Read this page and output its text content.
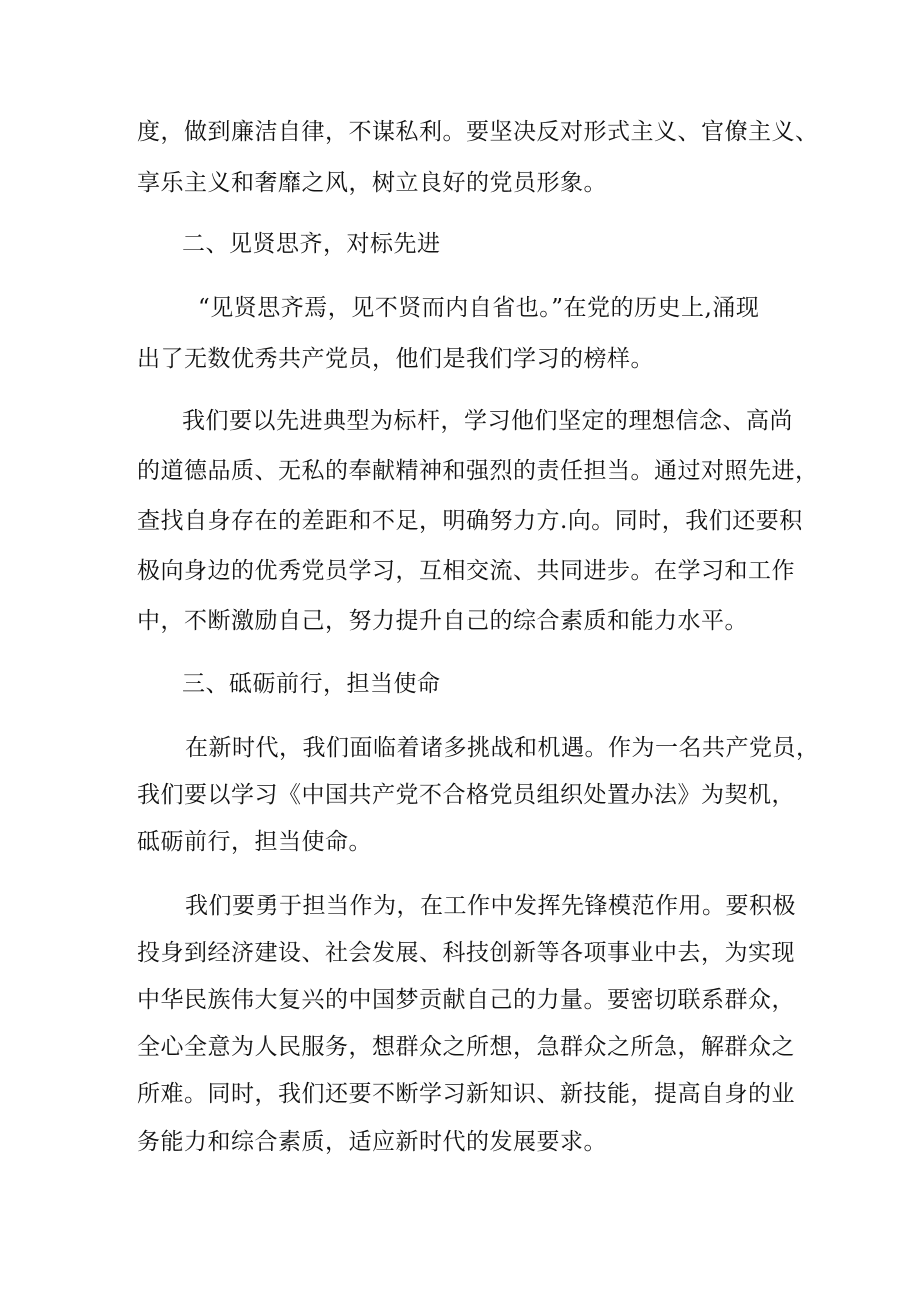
度，做到廉洁自律，不谋私利。要坚决反对形式主义、官僚主义、
享乐主义和奢靡之风，树立良好的党员形象。
二、见贤思齐，对标先进
“见贤思齐焉，见不贤而内自省也。”在党的历史上,涌现
出了无数优秀共产党员，他们是我们学习的榜样。
我们要以先进典型为标杆，学习他们坚定的理想信念、高尚
的道德品质、无私的奉献精神和强烈的责任担当。通过对照先进，
查找自身存在的差距和不足，明确努力方.向。同时，我们还要积
极向身边的优秀党员学习，互相交流、共同进步。在学习和工作
中，不断激励自己，努力提升自己的综合素质和能力水平。
三、砥砺前行，担当使命
在新时代，我们面临着诸多挑战和机遇。作为一名共产党员，
我们要以学习《中国共产党不合格党员组织处置办法》为契机，
砥砺前行，担当使命。
我们要勇于担当作为，在工作中发挥先锋模范作用。要积极
投身到经济建设、社会发展、科技创新等各项事业中去，为实现
中华民族伟大复兴的中国梦贡献自己的力量。要密切联系群众，
全心全意为人民服务，想群众之所想，急群众之所急，解群众之
所难。同时，我们还要不断学习新知识、新技能，提高自身的业
务能力和综合素质，适应新时代的发展要求。
